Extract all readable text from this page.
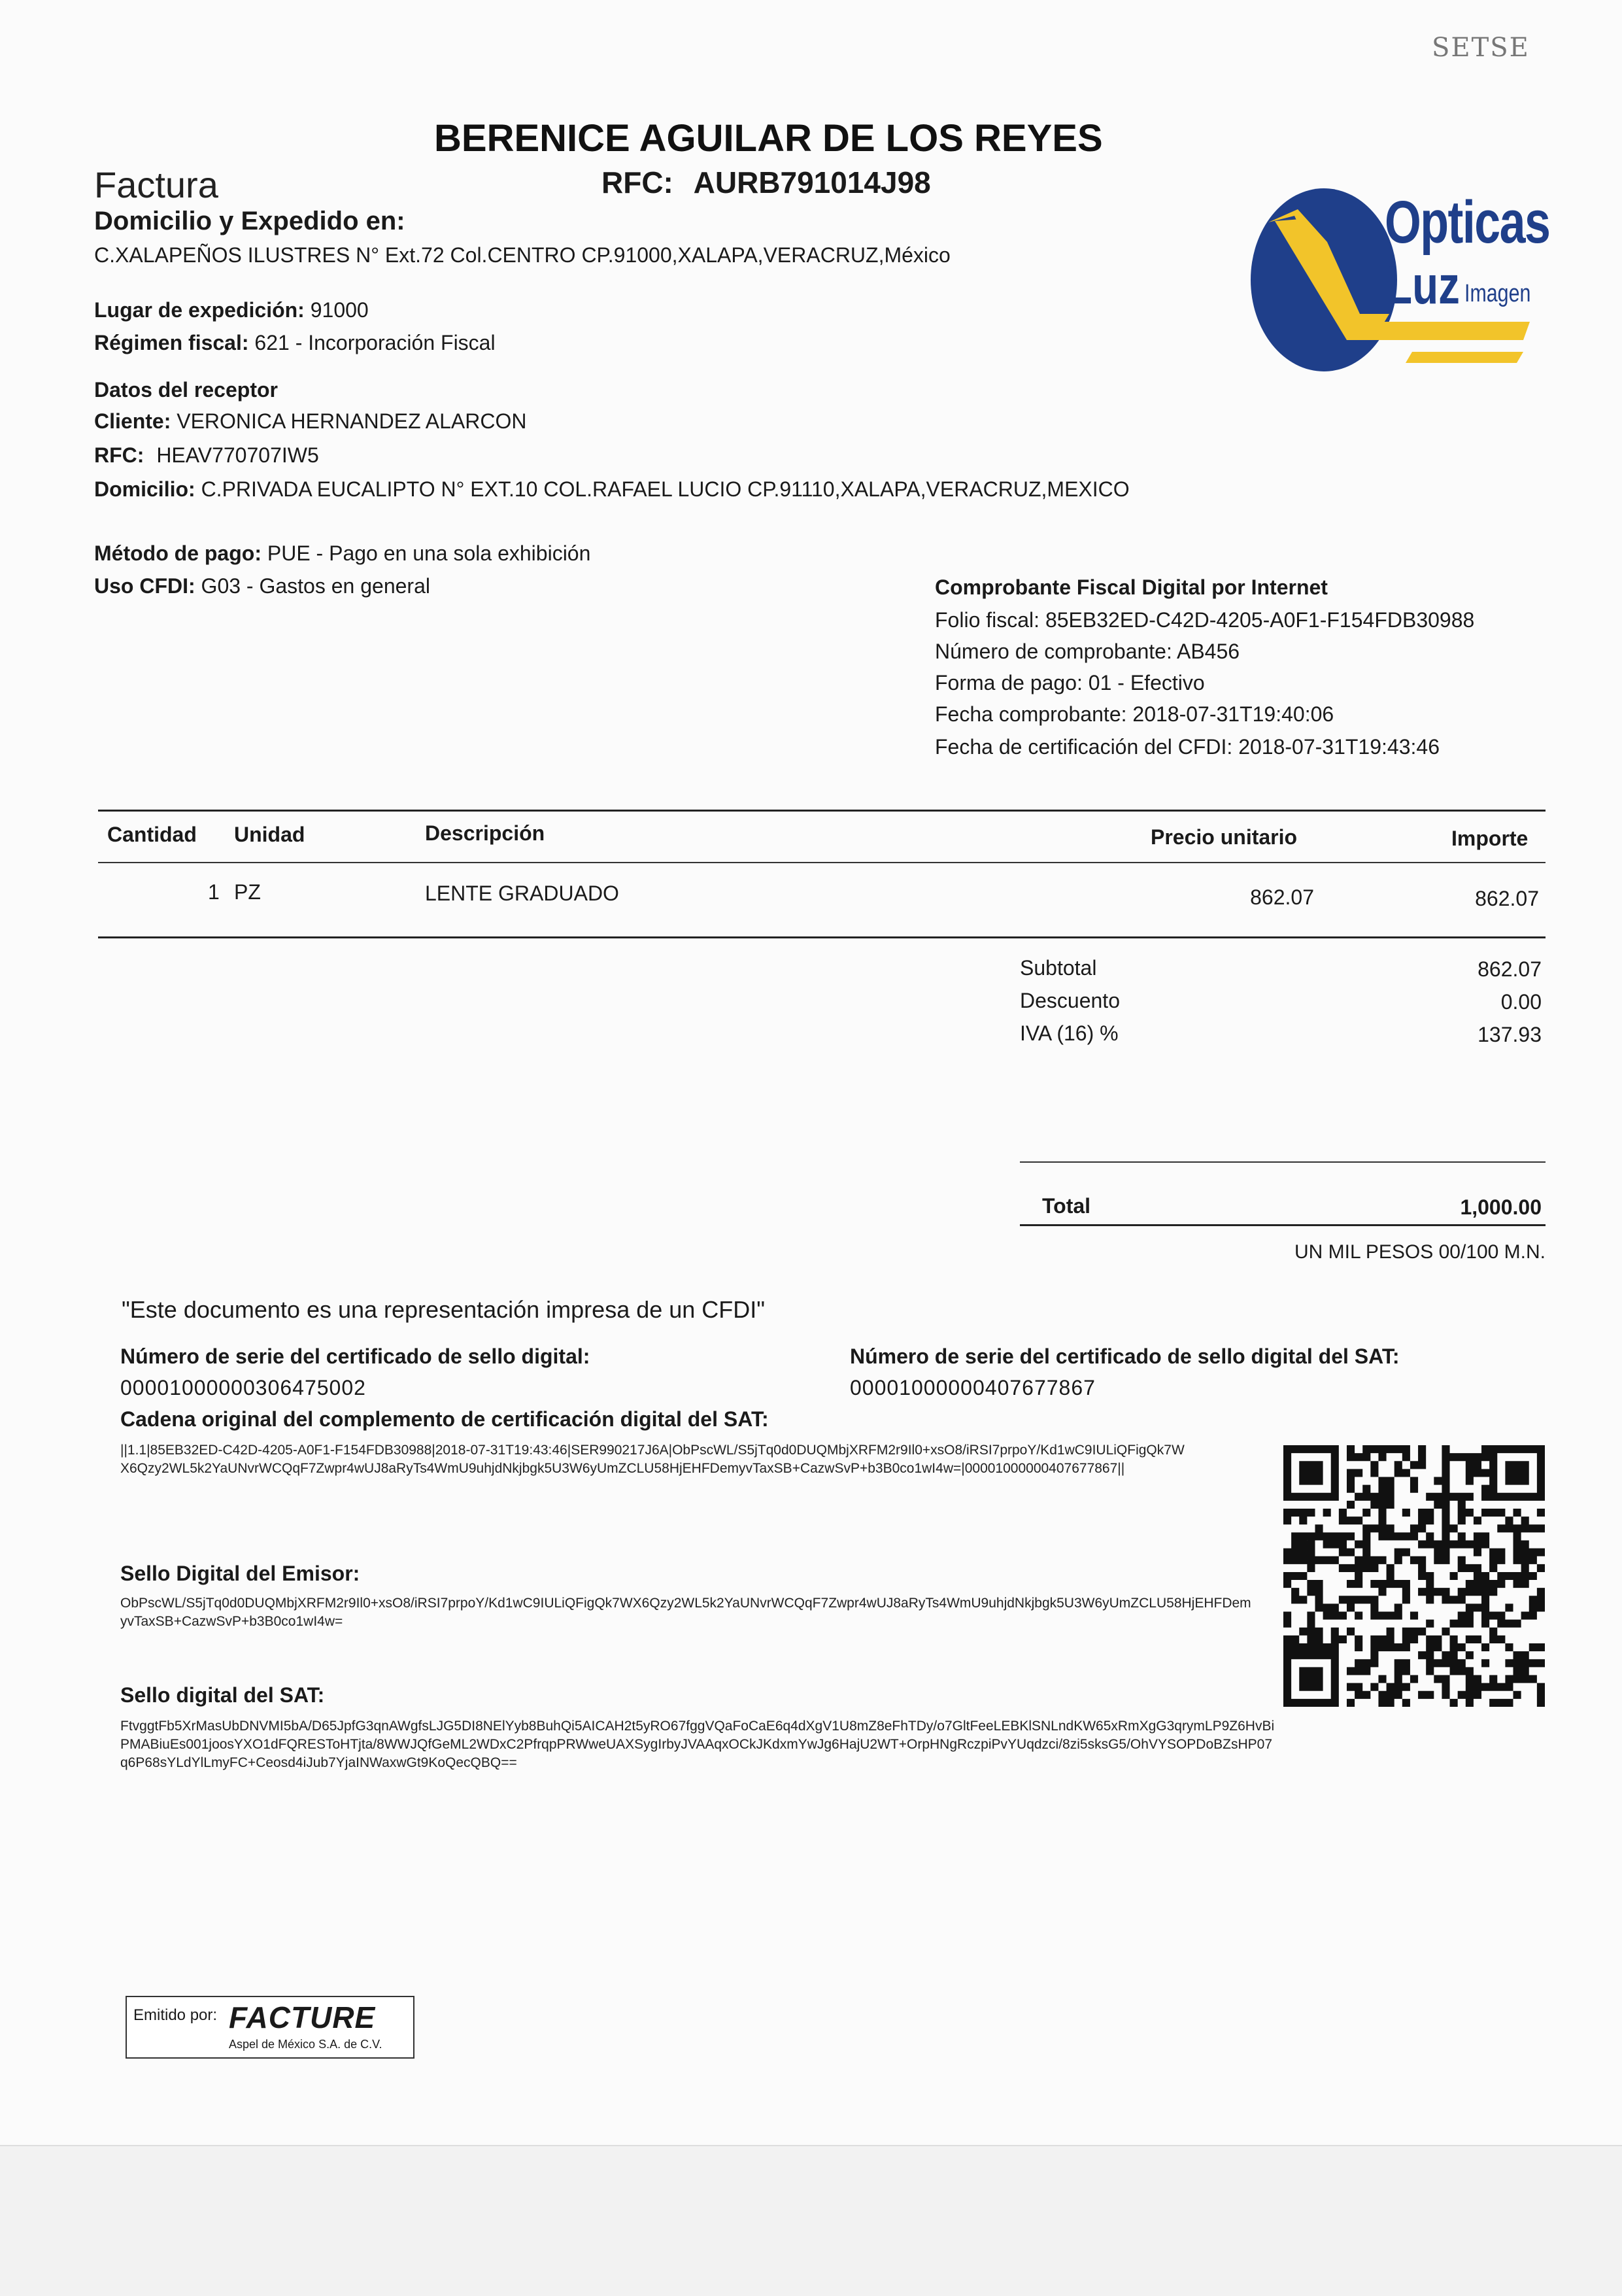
SETSE
BERENICE AGUILAR DE LOS REYES
RFC: AURB791014J98
Factura
Domicilio y Expedido en:
C.XALAPEÑOS ILUSTRES N° Ext.72 Col.CENTRO CP.91000,XALAPA,VERACRUZ,México
Lugar de expedición: 91000
Régimen fiscal: 621 - Incorporación Fiscal
Datos del receptor
Cliente: VERONICA HERNANDEZ ALARCON
RFC: HEAV770707IW5
Domicilio: C.PRIVADA EUCALIPTO N° EXT.10 COL.RAFAEL LUCIO CP.91110,XALAPA,VERACRUZ,MEXICO
Método de pago: PUE - Pago en una sola exhibición
Uso CFDI: G03 - Gastos en general
Opticas
Luz Imagen
Comprobante Fiscal Digital por Internet
Folio fiscal: 85EB32ED-C42D-4205-A0F1-F154FDB30988
Número de comprobante: AB456
Forma de pago: 01 - Efectivo
Fecha comprobante: 2018-07-31T19:40:06
Fecha de certificación del CFDI: 2018-07-31T19:43:46
Cantidad Unidad	Descripción	Precio unitario	Importe
1 PZ	LENTE GRADUADO	862.07	862.07
Subtotal	862.07
Descuento	0.00
IVA (16) %	137.93
Total	1,000.00
UN MIL PESOS 00/100 M.N.
"Este documento es una representación impresa de un CFDI"
Número de serie del certificado de sello digital:
00001000000306475002
Número de serie del certificado de sello digital del SAT:
00001000000407677867
Cadena original del complemento de certificación digital del SAT:
||1.1|85EB32ED-C42D-4205-A0F1-F154FDB30988|2018-07-31T19:43:46|SER990217J6A|ObPscWL/S5jTq0d0DUQMbjXRFM2r9Il0+xsO8/iRSI7prpoY/Kd1wC9IULiQFigQk7WX6Qzy2WL5k2YaUNvrWCQqF7Zwpr4wUJ8aRyTs4WmU9uhjdNkjbgk5U3W6yUmZCLU58HjEHFDemyvTaxSB+CazwSvP+b3B0co1wI4w=|00001000000407677867||
Sello Digital del Emisor:
ObPscWL/S5jTq0d0DUQMbjXRFM2r9Il0+xsO8/iRSI7prpoY/Kd1wC9IULiQFigQk7WX6Qzy2WL5k2YaUNvrWCQqF7Zwpr4wUJ8aRyTs4WmU9uhjdNkjbgk5U3W6yUmZCLU58HjEHFDemyvTaxSB+CazwSvP+b3B0co1wI4w=
Sello digital del SAT:
FtvggtFb5XrMasUbDNVMI5bA/D65JpfG3qnAWgfsLJG5DI8NElYyb8BuhQi5AICAH2t5yRO67fggVQaFoCaE6q4dXgV1U8mZ8eFhTDy/o7GltFeeLEBKlSNLndKW65xRmXgG3qrymLP9Z6HvBiPMABiuEs001joosYXO1dFQRESToHTjta/8WWJQfGeML2WDxC2PfrqpPRWweUAXSygIrbyJVAAqxOCkJKdxmYwJg6HajU2WT+OrpHNgRczpiPvYUqdzci/8zi5sksG5/OhVYSOPDoBZsHP07q6P68sYLdYlLmyFC+Ceosd4iJub7YjaINWaxwGt9KoQecQBQ==
Emitido por: FACTURE
Aspel de México S.A. de C.V.
